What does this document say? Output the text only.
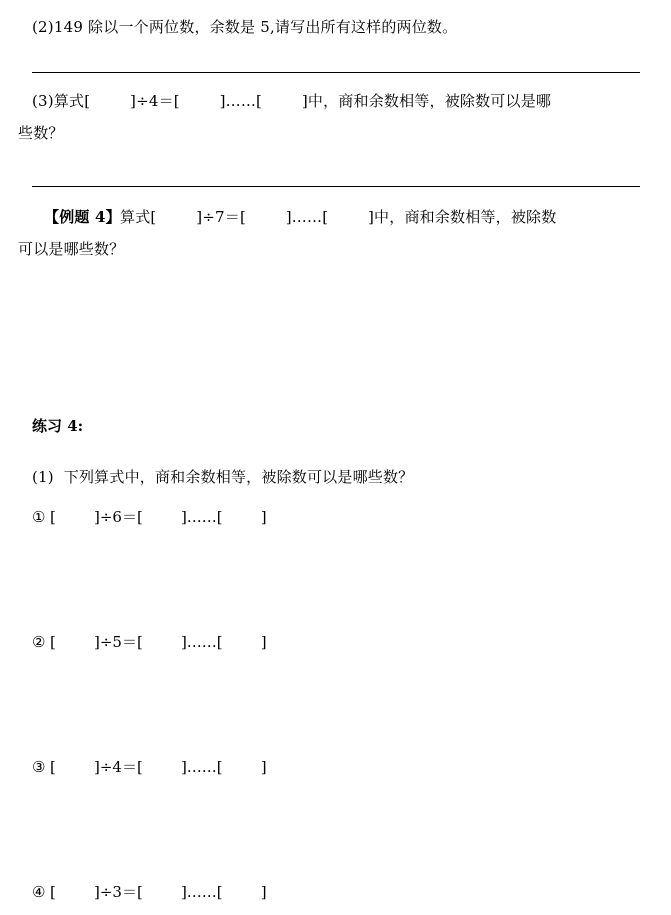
(2)149 除以一个两位数，余数是 5,请写出所有这样的两位数。
(3)算式[        ]÷4＝[        ]……[        ]中，商和余数相等，被除数可以是哪
些数？
【例题 4】 算式[        ]÷7＝[        ]……[        ]中，商和余数相等，被除数
可以是哪些数？
练习 4:
(1)  下列算式中，商和余数相等，被除数可以是哪些数？
① [        ]÷6＝[        ]……[        ]
② [        ]÷5＝[        ]……[        ]
③ [        ]÷4＝[        ]……[        ]
④ [        ]÷3＝[        ]……[        ]
